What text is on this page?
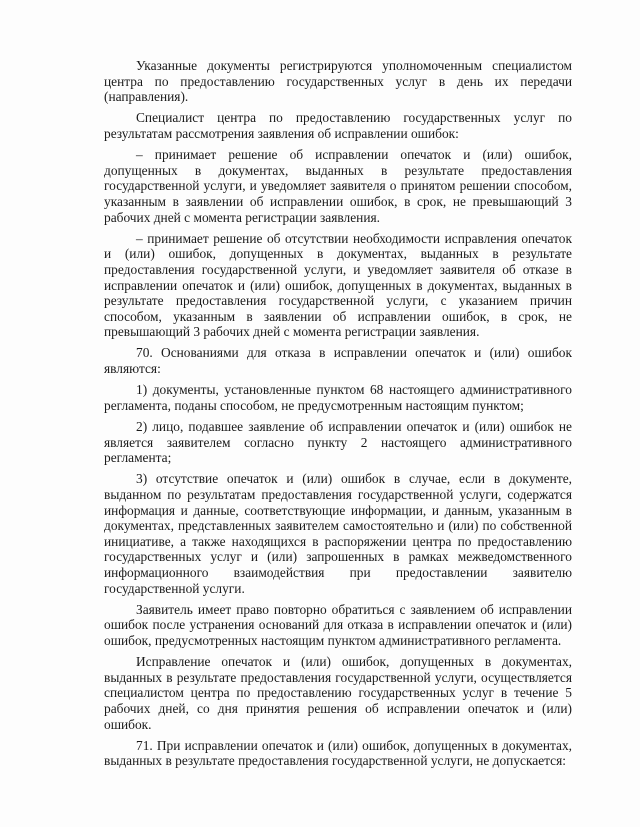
Указанные документы регистрируются уполномоченным специалистом центра по предоставлению государственных услуг в день их передачи (направления).

Специалист центра по предоставлению государственных услуг по результатам рассмотрения заявления об исправлении ошибок:

– принимает решение об исправлении опечаток и (или) ошибок, допущенных в документах, выданных в результате предоставления государственной услуги, и уведомляет заявителя о принятом решении способом, указанным в заявлении об исправлении ошибок, в срок, не превышающий 3 рабочих дней с момента регистрации заявления.

– принимает решение об отсутствии необходимости исправления опечаток и (или) ошибок, допущенных в документах, выданных в результате предоставления государственной услуги, и уведомляет заявителя об отказе в исправлении опечаток и (или) ошибок, допущенных в документах, выданных в результате предоставления государственной услуги, с указанием причин способом, указанным в заявлении об исправлении ошибок, в срок, не превышающий 3 рабочих дней с момента регистрации заявления.

70. Основаниями для отказа в исправлении опечаток и (или) ошибок являются:

1) документы, установленные пунктом 68 настоящего административного регламента, поданы способом, не предусмотренным настоящим пунктом;

2) лицо, подавшее заявление об исправлении опечаток и (или) ошибок не является заявителем согласно пункту 2 настоящего административного регламента;

3) отсутствие опечаток и (или) ошибок в случае, если в документе, выданном по результатам предоставления государственной услуги, содержатся информация и данные, соответствующие информации, и данным, указанным в документах, представленных заявителем самостоятельно и (или) по собственной инициативе, а также находящихся в распоряжении центра по предоставлению государственных услуг и (или) запрошенных в рамках межведомственного информационного взаимодействия при предоставлении заявителю государственной услуги.

Заявитель имеет право повторно обратиться с заявлением об исправлении ошибок после устранения оснований для отказа в исправлении опечаток и (или) ошибок, предусмотренных настоящим пунктом административного регламента.

Исправление опечаток и (или) ошибок, допущенных в документах, выданных в результате предоставления государственной услуги, осуществляется специалистом центра по предоставлению государственных услуг в течение 5 рабочих дней, со дня принятия решения об исправлении опечаток и (или) ошибок.

71. При исправлении опечаток и (или) ошибок, допущенных в документах, выданных в результате предоставления государственной услуги, не допускается:
